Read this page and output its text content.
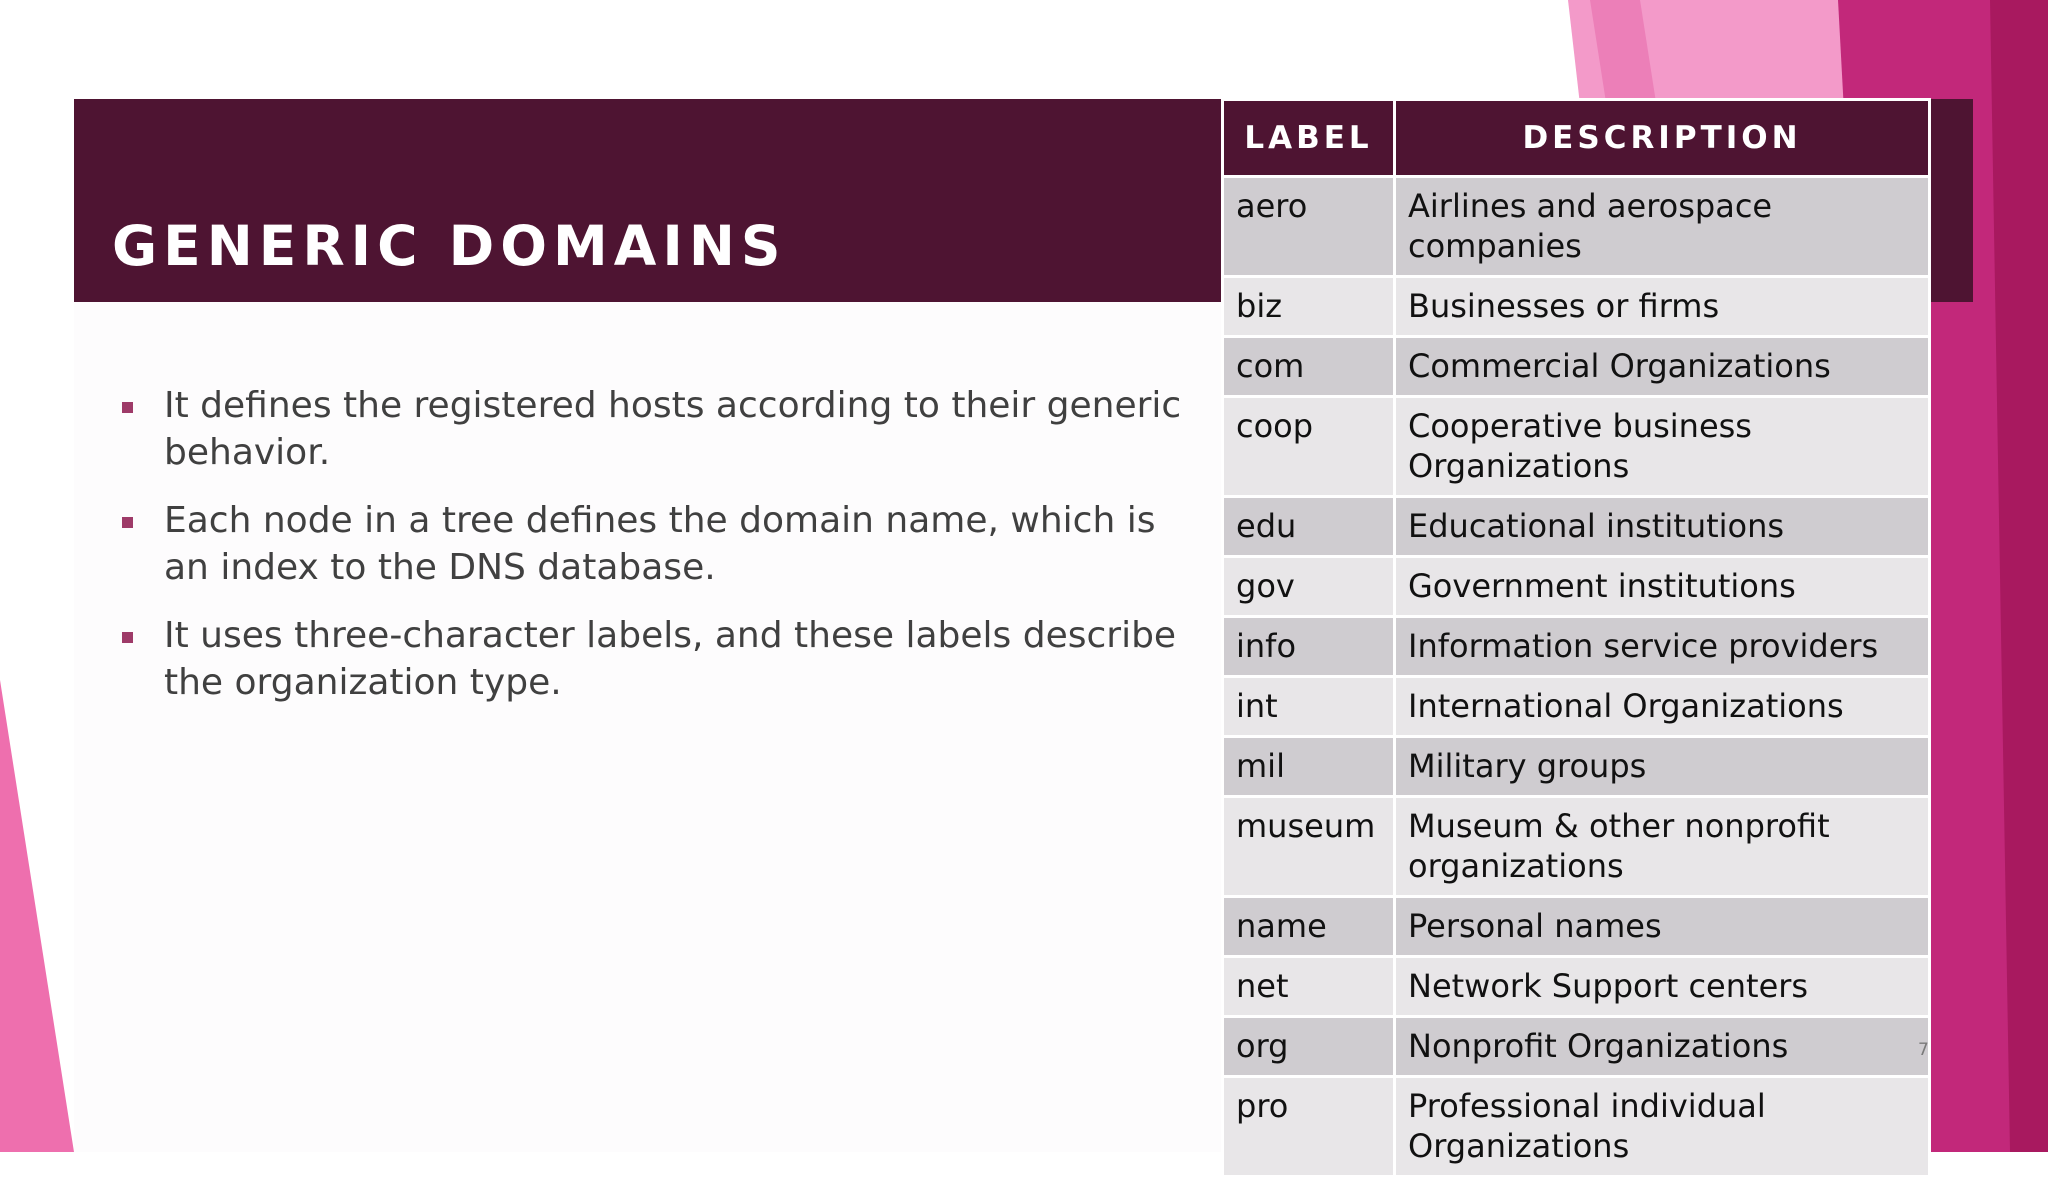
GENERIC DOMAINS
It defines the registered hosts according to their generic behavior.
Each node in a tree defines the domain name, which is an index to the DNS database.
It uses three-character labels, and these labels describe the organization type.
LABEL	DESCRIPTION
aero	Airlines and aerospace companies
biz	Businesses or firms
com	Commercial Organizations
coop	Cooperative business Organizations
edu	Educational institutions
gov	Government institutions
info	Information service providers
int	International Organizations
mil	Military groups
museum	Museum & other nonprofit organizations
name	Personal names
net	Network Support centers
org	Nonprofit Organizations
pro	Professional individual Organizations
7
